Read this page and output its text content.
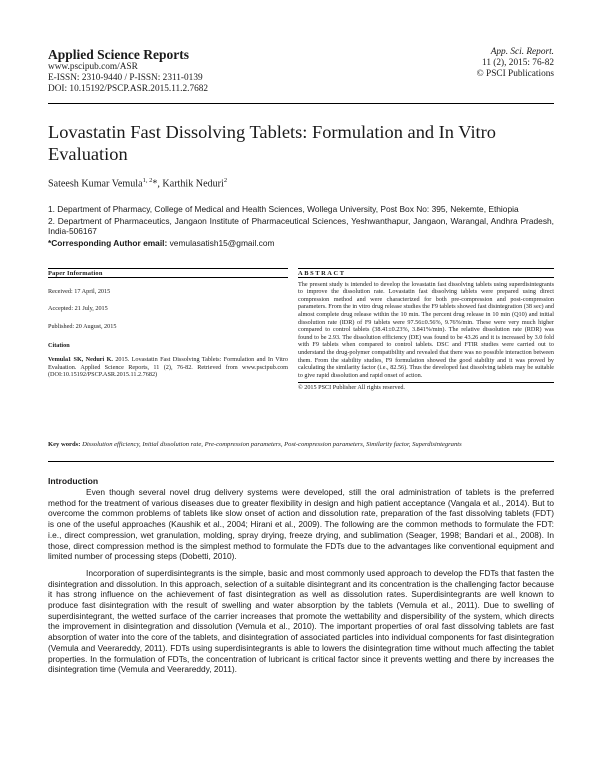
Applied Science Reports
www.pscipub.com/ASR
E-ISSN: 2310-9440 / P-ISSN: 2311-0139
DOI: 10.15192/PSCP.ASR.2015.11.2.7682
App. Sci. Report.
11 (2), 2015: 76-82
© PSCI Publications
Lovastatin Fast Dissolving Tablets: Formulation and In Vitro Evaluation
Sateesh Kumar Vemula$^{1, 2}$*, Karthik Neduri$^2$

1. Department of Pharmacy, College of Medical and Health Sciences, Wollega University, Post Box No: 395, Nekemte, Ethiopia

2. Department of Pharmaceutics, Jangaon Institute of Pharmaceutical Sciences, Yeshwanthapur, Jangaon, Warangal, Andhra Pradesh, India-506167

*Corresponding Author email: vemulasatish15@gmail.com

Paper Information

Received: 17 April, 2015

Accepted: 21 July, 2015

Published: 20 August, 2015

Citation
Vemula1 SK, Neduri K. 2015. Lovastatin Fast Dissolving Tablets: Formulation and In Vitro Evaluation. Applied Science Reports, 11 (2), 76-82. Retrieved from www.pscipub.com (DOI:10.15192/PSCP.ASR.2015.11.2.7682)
ABSTRACT
The present study is intended to develop the lovastatin fast dissolving tablets using superdisintegrants to improve the dissolution rate. Lovastatin fast dissolving tablets were prepared using direct compression method and were characterized for both pre-compression and post-compression parameters. From the in vitro drug release studies the F9 tablets showed fast disintegration (38 sec) and almost complete drug release within the 10 min. The percent drug release in 10 min (Q10) and initial dissolution rate (IDR) of F9 tablets were 97.56±0.56%, 9.76%/min. These were very much higher compared to control tablets (38.41±0.23%, 3.841%/min). The relative dissolution rate (RDR) was found to be 2.93. The dissolution efficiency (DE) was found to be 43.26 and it is increased by 3.0 fold with F9 tablets when compared to control tablets. DSC and FTIR studies were carried out to understand the drug-polymer compatibility and revealed that there was no possible interaction between them. From the stability studies, F9 formulation showed the good stability and it was proved by calculating the similarity factor (i.e., 82.56). Thus the developed fast dissolving tablets may be suitable to give rapid dissolution and rapid onset of action.
© 2015 PSCI Publisher All rights reserved.
Key words: Dissolution efficiency, Initial dissolution rate, Pre-compression parameters, Post-compression parameters, Similarity factor, Superdisintegrants
Introduction

Even though several novel drug delivery systems were developed, still the oral administration of tablets is the preferred method for the treatment of various diseases due to greater flexibility in design and high patient acceptance (Vangala et al., 2014). But to overcome the common problems of tablets like slow onset of action and dissolution rate, preparation of the fast dissolving tablets (FDT) is one of the useful approaches (Kaushik et al., 2004; Hirani et al., 2009). The following are the common methods to formulate the FDT: i.e., direct compression, wet granulation, molding, spray drying, freeze drying, and sublimation (Seager, 1998; Bandari et al., 2008). In those, direct compression method is the simplest method to formulate the FDTs due to the advantages like conventional equipment and limited number of processing steps (Dobetti, 2010).

Incorporation of superdisintegrants is the simple, basic and most commonly used approach to develop the FDTs that fasten the disintegration and dissolution. In this approach, selection of a suitable disintegrant and its concentration is the challenging factor because it has strong influence on the achievement of fast disintegration as well as dissolution rates. Superdisintegrants are well known to produce fast disintegration with the result of swelling and water absorption by the tablets (Vemula et al., 2011). Due to swelling of superdisintegrant, the wetted surface of the carrier increases that promote the wettability and dispersibility of the system, which directs the improvement in disintegration and dissolution (Vemula et al., 2010). The important properties of oral fast dissolving tablets are fast absorption of water into the core of the tablets, and disintegration of associated particles into individual components for fast disintegration (Vemula and Veerareddy, 2011). FDTs using superdisintegrants is able to lowers the disintegration time without much affecting the tablet properties. In the formulation of FDTs, the concentration of lubricant is critical factor since it prevents wetting and there by increases the disintegration time (Vemula and Veerareddy, 2011).
